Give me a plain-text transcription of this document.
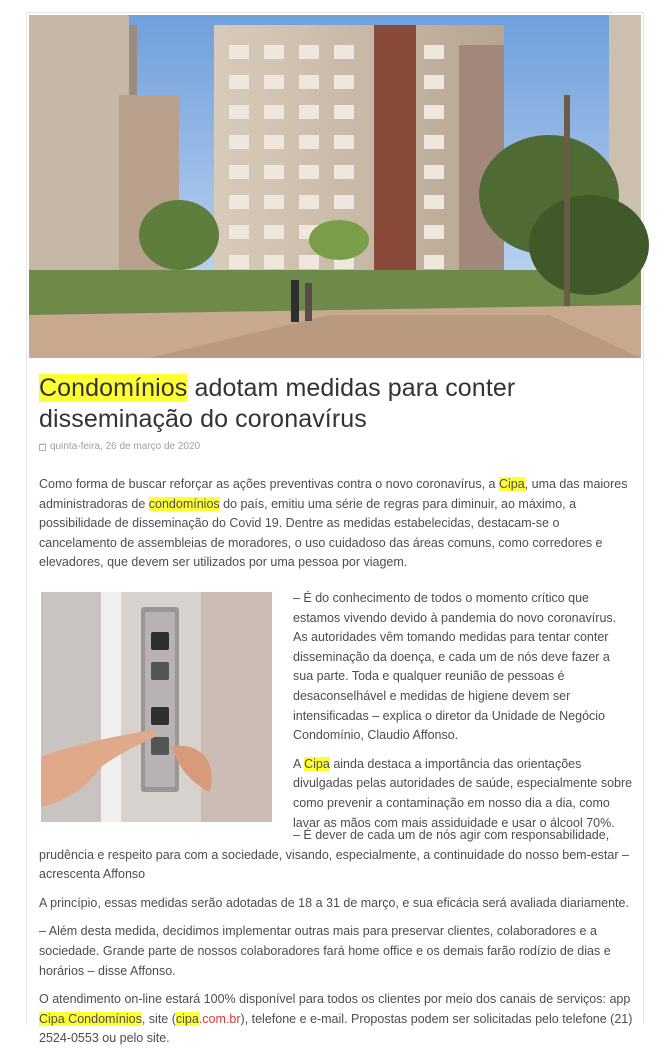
Condomínios adotam medidas para conter disseminação do coronavírus
quinta-feira, 26 de março de 2020

Como forma de buscar reforçar as ações preventivas contra o novo coronavírus, a Cipa, uma das maiores administradoras de condomínios do país, emitiu uma série de regras para diminuir, ao máximo, a possibilidade de disseminação do Covid 19. Dentre as medidas estabelecidas, destacam-se o cancelamento de assembleias de moradores, o uso cuidadoso das áreas comuns, como corredores e elevadores, que devem ser utilizados por uma pessoa por viagem.

– É do conhecimento de todos o momento crítico que estamos vivendo devido à pandemia do novo coronavírus. As autoridades vêm tomando medidas para tentar conter disseminação da doença, e cada um de nós deve fazer a sua parte. Toda e qualquer reunião de pessoas é desaconselhável e medidas de higiene devem ser intensificadas – explica o diretor da Unidade de Negócio Condomínio, Claudio Affonso.

A Cipa ainda destaca a importância das orientações divulgadas pelas autoridades de saúde, especialmente sobre como prevenir a contaminação em nosso dia a dia, como lavar as mãos com mais assiduidade e usar o álcool 70%.

– É dever de cada um de nós agir com responsabilidade, prudência e respeito para com a sociedade, visando, especialmente, a continuidade do nosso bem-estar – acrescenta Affonso

A princípio, essas medidas serão adotadas de 18 a 31 de março, e sua eficácia será avaliada diariamente.

– Além desta medida, decidimos implementar outras mais para preservar clientes, colaboradores e a sociedade. Grande parte de nossos colaboradores fará home office e os demais farão rodízio de dias e horários – disse Affonso.

O atendimento on-line estará 100% disponível para todos os clientes por meio dos canais de serviços: app Cipa Condomínios, site (cipa.com.br), telefone e e-mail. Propostas podem ser solicitadas pelo telefone (21) 2524-0553 ou pelo site.
